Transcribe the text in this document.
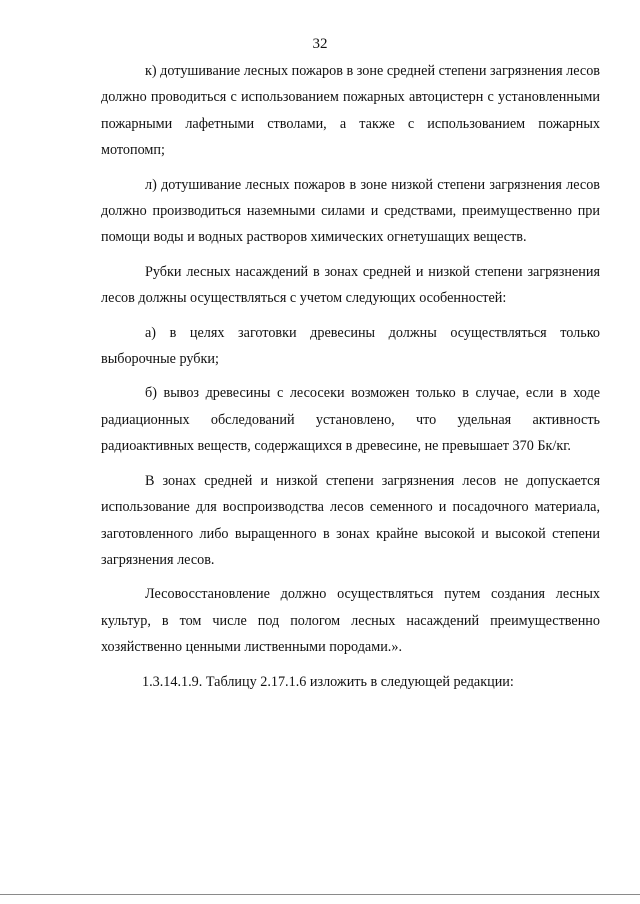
32

к) дотушивание лесных пожаров в зоне средней степени загрязнения лесов должно проводиться с использованием пожарных автоцистерн с установленными пожарными лафетными стволами, а также с использованием пожарных мотопомп;

л) дотушивание лесных пожаров в зоне низкой степени загрязнения лесов должно производиться наземными силами и средствами, преимущественно при помощи воды и водных растворов химических огнетушащих веществ.

Рубки лесных насаждений в зонах средней и низкой степени загрязнения лесов должны осуществляться с учетом следующих особенностей:

а) в целях заготовки древесины должны осуществляться только выборочные рубки;

б) вывоз древесины с лесосеки возможен только в случае, если в ходе радиационных обследований установлено, что удельная активность радиоактивных веществ, содержащихся в древесине, не превышает 370 Бк/кг.

В зонах средней и низкой степени загрязнения лесов не допускается использование для воспроизводства лесов семенного и посадочного материала, заготовленного либо выращенного в зонах крайне высокой и высокой степени загрязнения лесов.

Лесовосстановление должно осуществляться путем создания лесных культур, в том числе под пологом лесных насаждений преимущественно хозяйственно ценными лиственными породами.».

1.3.14.1.9. Таблицу 2.17.1.6 изложить в следующей редакции:
